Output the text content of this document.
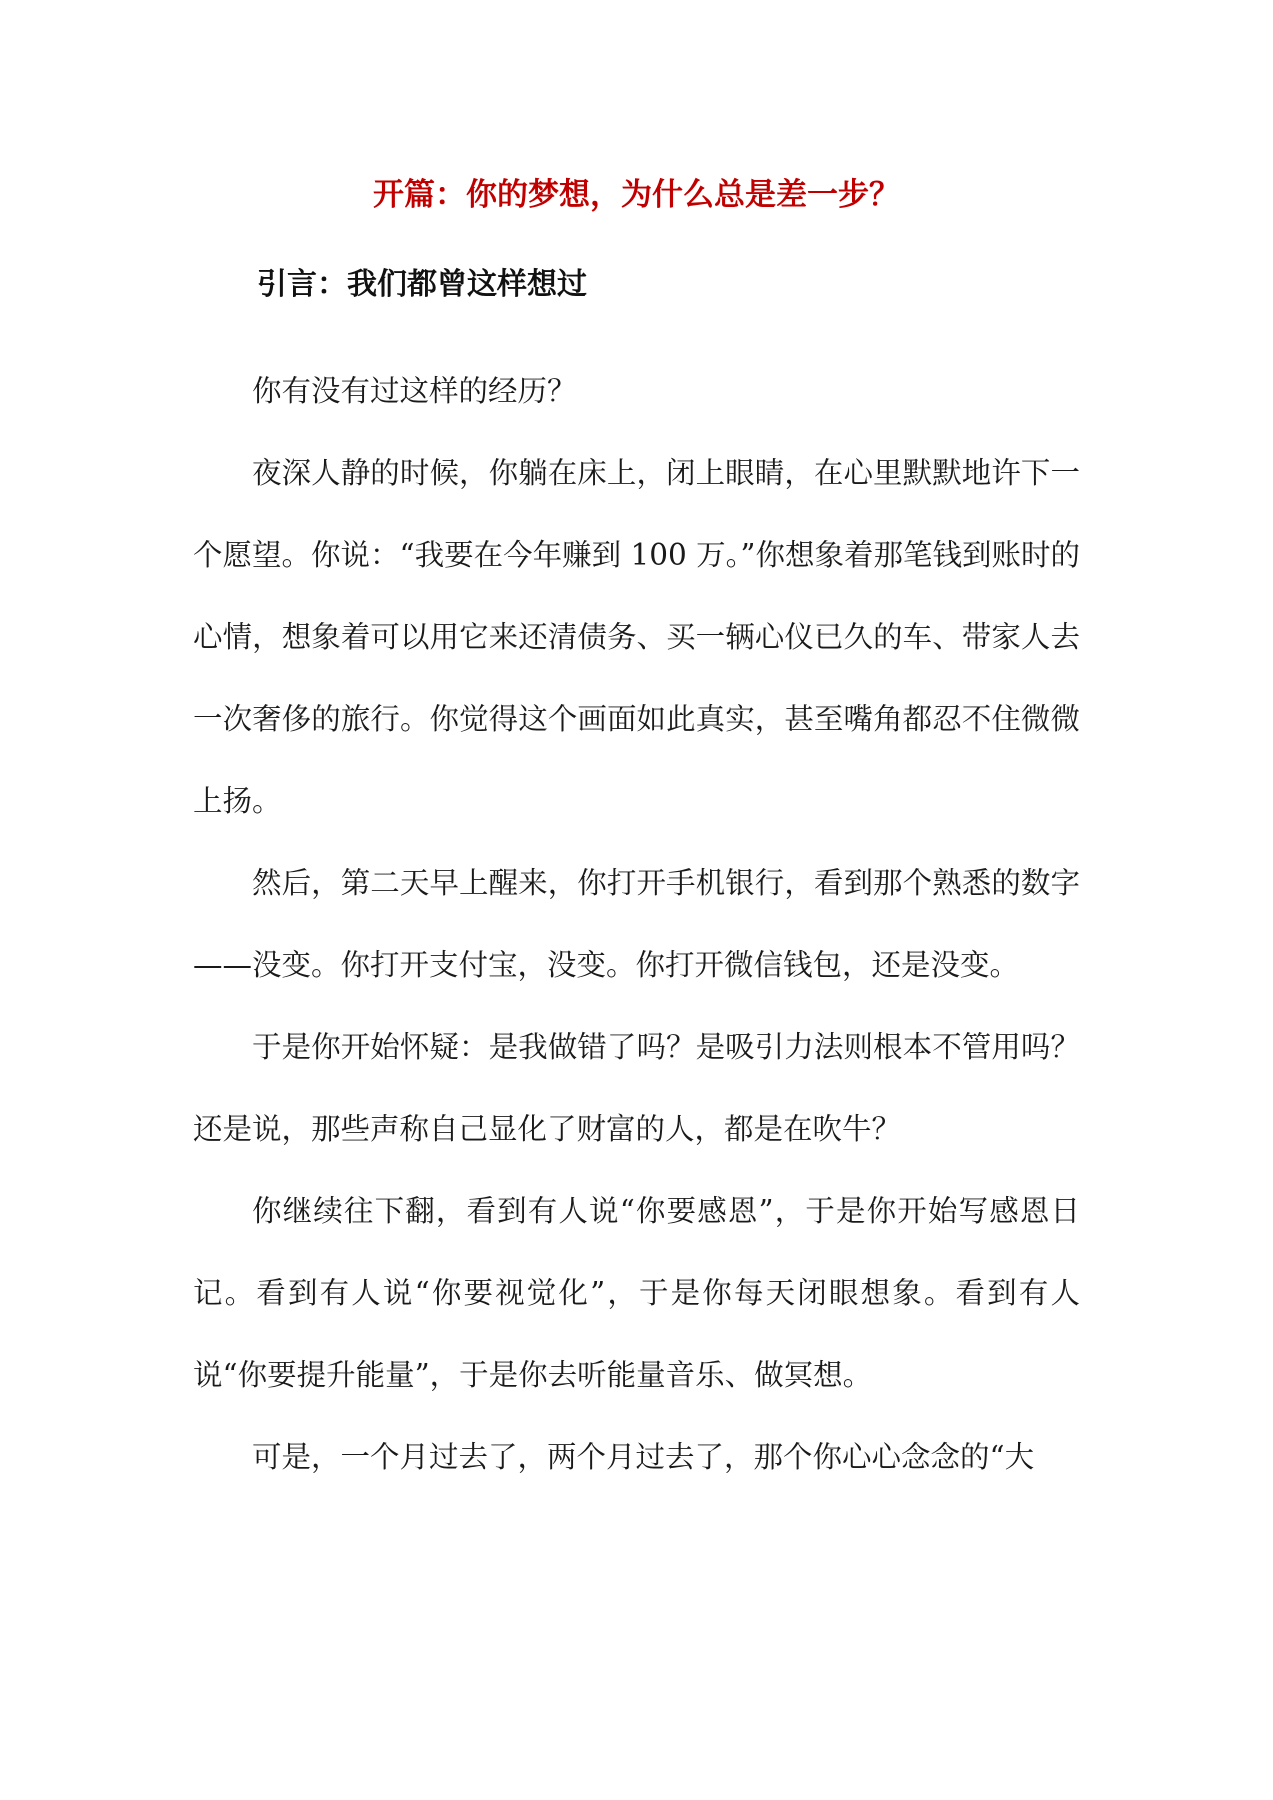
开篇：你的梦想，为什么总是差一步？
引言：我们都曾这样想过

你有没有过这样的经历？

夜深人静的时候，你躺在床上，闭上眼睛，在心里默默地许下一个愿望。你说：“我要在今年赚到 100 万。”你想象着那笔钱到账时的心情，想象着可以用它来还清债务、买一辆心仪已久的车、带家人去一次奢侈的旅行。你觉得这个画面如此真实，甚至嘴角都忍不住微微上扬。

然后，第二天早上醒来，你打开手机银行，看到那个熟悉的数字——没变。你打开支付宝，没变。你打开微信钱包，还是没变。

于是你开始怀疑：是我做错了吗？是吸引力法则根本不管用吗？还是说，那些声称自己显化了财富的人，都是在吹牛？

你继续往下翻，看到有人说“你要感恩”，于是你开始写感恩日记。看到有人说“你要视觉化”，于是你每天闭眼想象。看到有人说“你要提升能量”，于是你去听能量音乐、做冥想。

可是，一个月过去了，两个月过去了，那个你心心念念的“大
